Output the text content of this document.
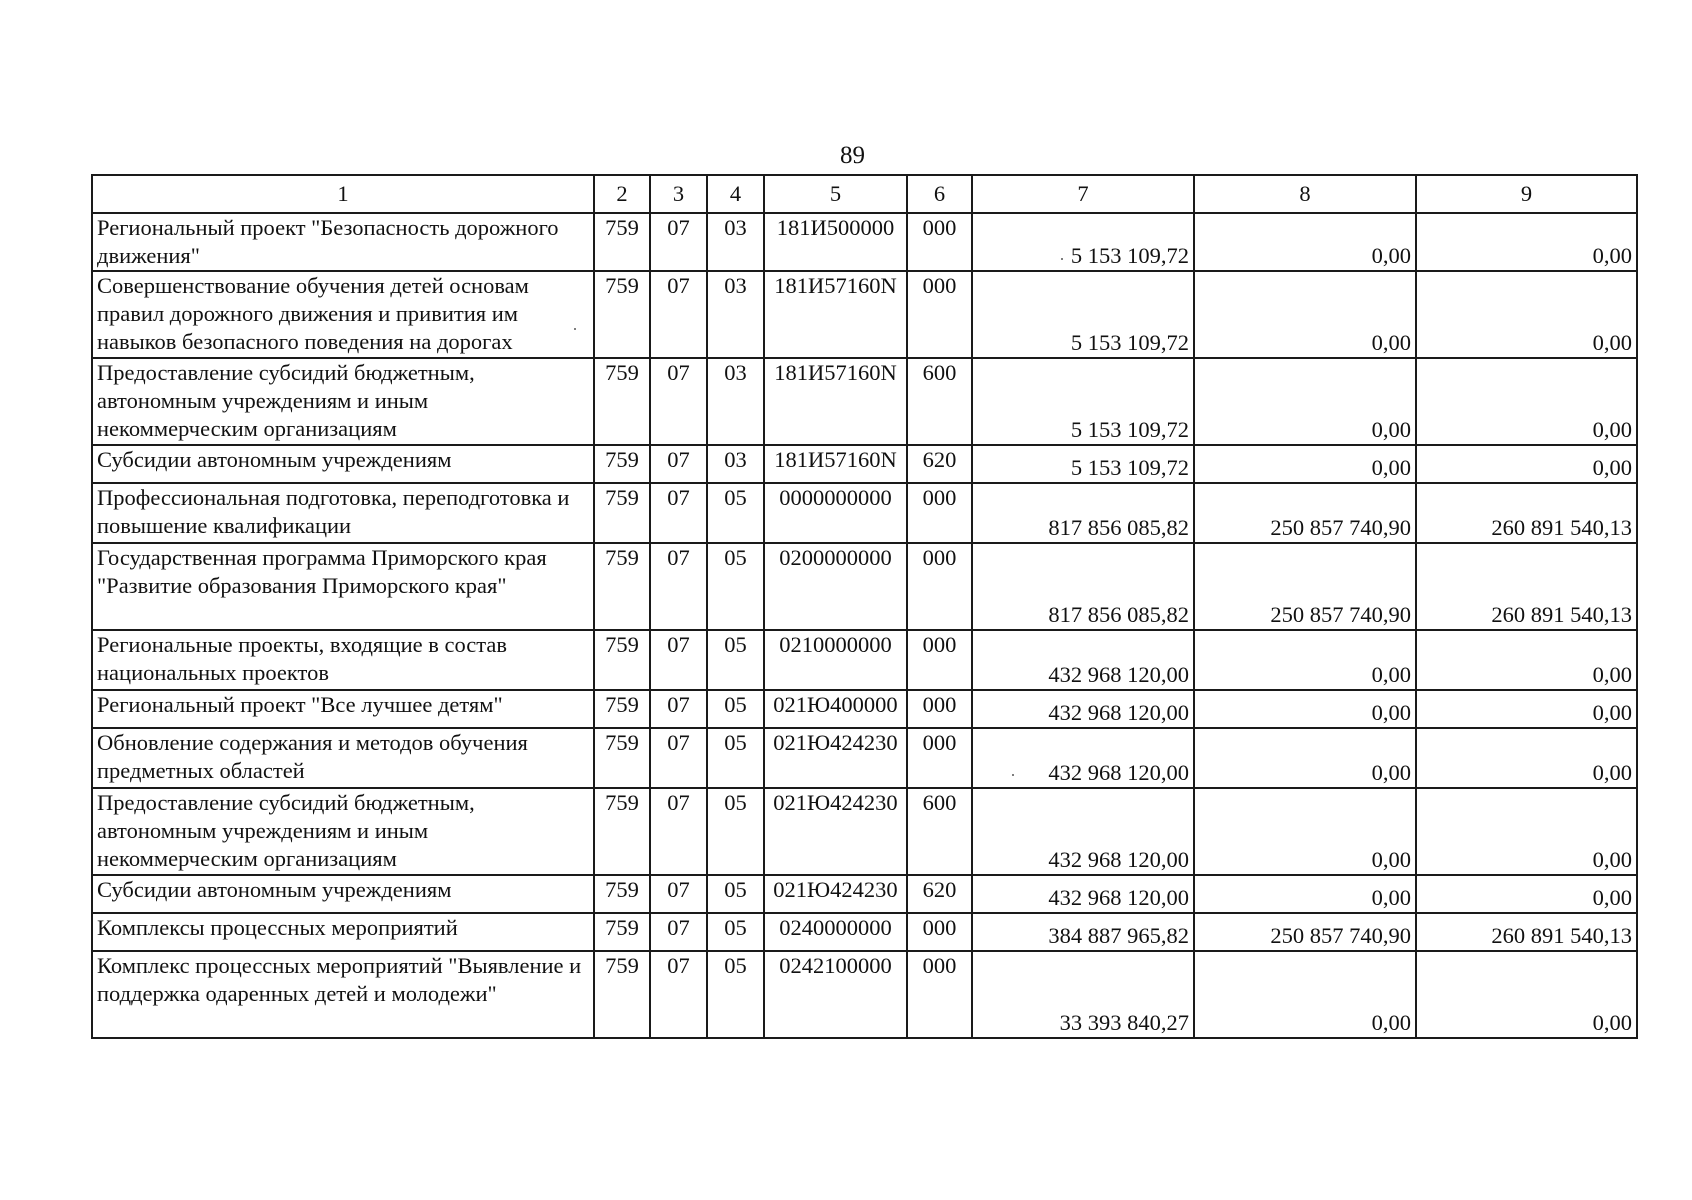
89
1	2	3	4	5	6	7	8	9
Региональный проект "Безопасность дорожного движения"	759	07	03	181И500000	000	5 153 109,72	0,00	0,00
Совершенствование обучения детей основам правил дорожного движения и привития им навыков безопасного поведения на дорогах	759	07	03	181И57160N	000	5 153 109,72	0,00	0,00
Предоставление субсидий бюджетным, автономным учреждениям и иным некоммерческим организациям	759	07	03	181И57160N	600	5 153 109,72	0,00	0,00
Субсидии автономным учреждениям	759	07	03	181И57160N	620	5 153 109,72	0,00	0,00
Профессиональная подготовка, переподготовка и повышение квалификации	759	07	05	0000000000	000	817 856 085,82	250 857 740,90	260 891 540,13
Государственная программа Приморского края "Развитие образования Приморского края"	759	07	05	0200000000	000	817 856 085,82	250 857 740,90	260 891 540,13
Региональные проекты, входящие в состав национальных проектов	759	07	05	0210000000	000	432 968 120,00	0,00	0,00
Региональный проект "Все лучшее детям"	759	07	05	021Ю400000	000	432 968 120,00	0,00	0,00
Обновление содержания и методов обучения предметных областей	759	07	05	021Ю424230	000	432 968 120,00	0,00	0,00
Предоставление субсидий бюджетным, автономным учреждениям и иным некоммерческим организациям	759	07	05	021Ю424230	600	432 968 120,00	0,00	0,00
Субсидии автономным учреждениям	759	07	05	021Ю424230	620	432 968 120,00	0,00	0,00
Комплексы процессных мероприятий	759	07	05	0240000000	000	384 887 965,82	250 857 740,90	260 891 540,13
Комплекс процессных мероприятий "Выявление и поддержка одаренных детей и молодежи"	759	07	05	0242100000	000	33 393 840,27	0,00	0,00
